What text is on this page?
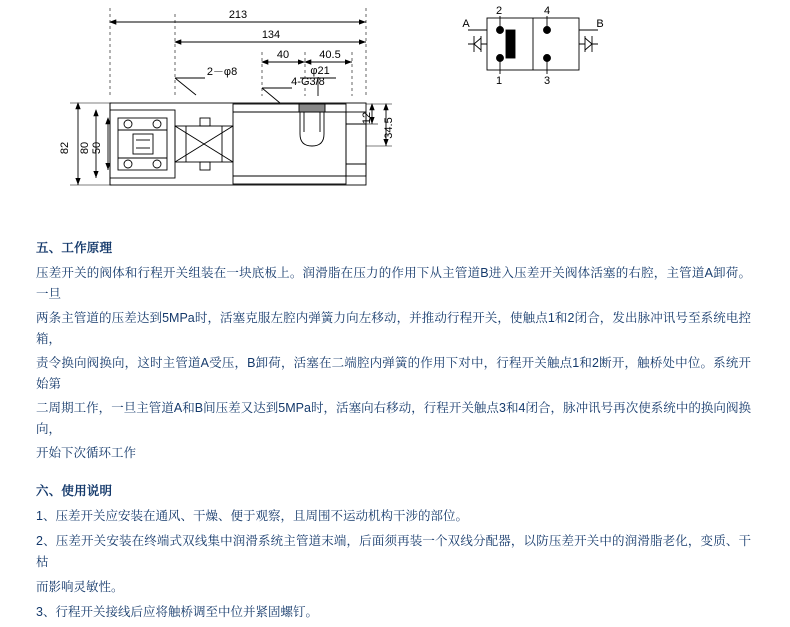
213
134
40	40.5
φ21
2－φ8
4-G3/8
2	4
1	3
A	B
82 80 50
12 34.5
五、工作原理

压差开关的阀体和行程开关组装在一块底板上。润滑脂在压力的作用下从主管道B进入压差开关阀体活塞的右腔，主管道A卸荷。一旦

两条主管道的压差达到5MPa时，活塞克服左腔内弹簧力向左移动，并推动行程开关，使触点1和2闭合，发出脉冲讯号至系统电控箱，

责令换向阀换向，这时主管道A受压，B卸荷，活塞在二端腔内弹簧的作用下对中，行程开关触点1和2断开，触桥处中位。系统开始第

二周期工作，一旦主管道A和B间压差又达到5MPa时，活塞向右移动，行程开关触点3和4闭合，脉冲讯号再次使系统中的换向阀换向，

开始下次循环工作

六、使用说明

1、压差开关应安装在通风、干燥、便于观察，且周围不运动机构干涉的部位。

2、压差开关安装在终端式双线集中润滑系统主管道末端，后面须再装一个双线分配器，以防压差开关中的润滑脂老化，变质、干枯

而影响灵敏性。

3、行程开关接线后应将触桥调至中位并紧固螺钉。
